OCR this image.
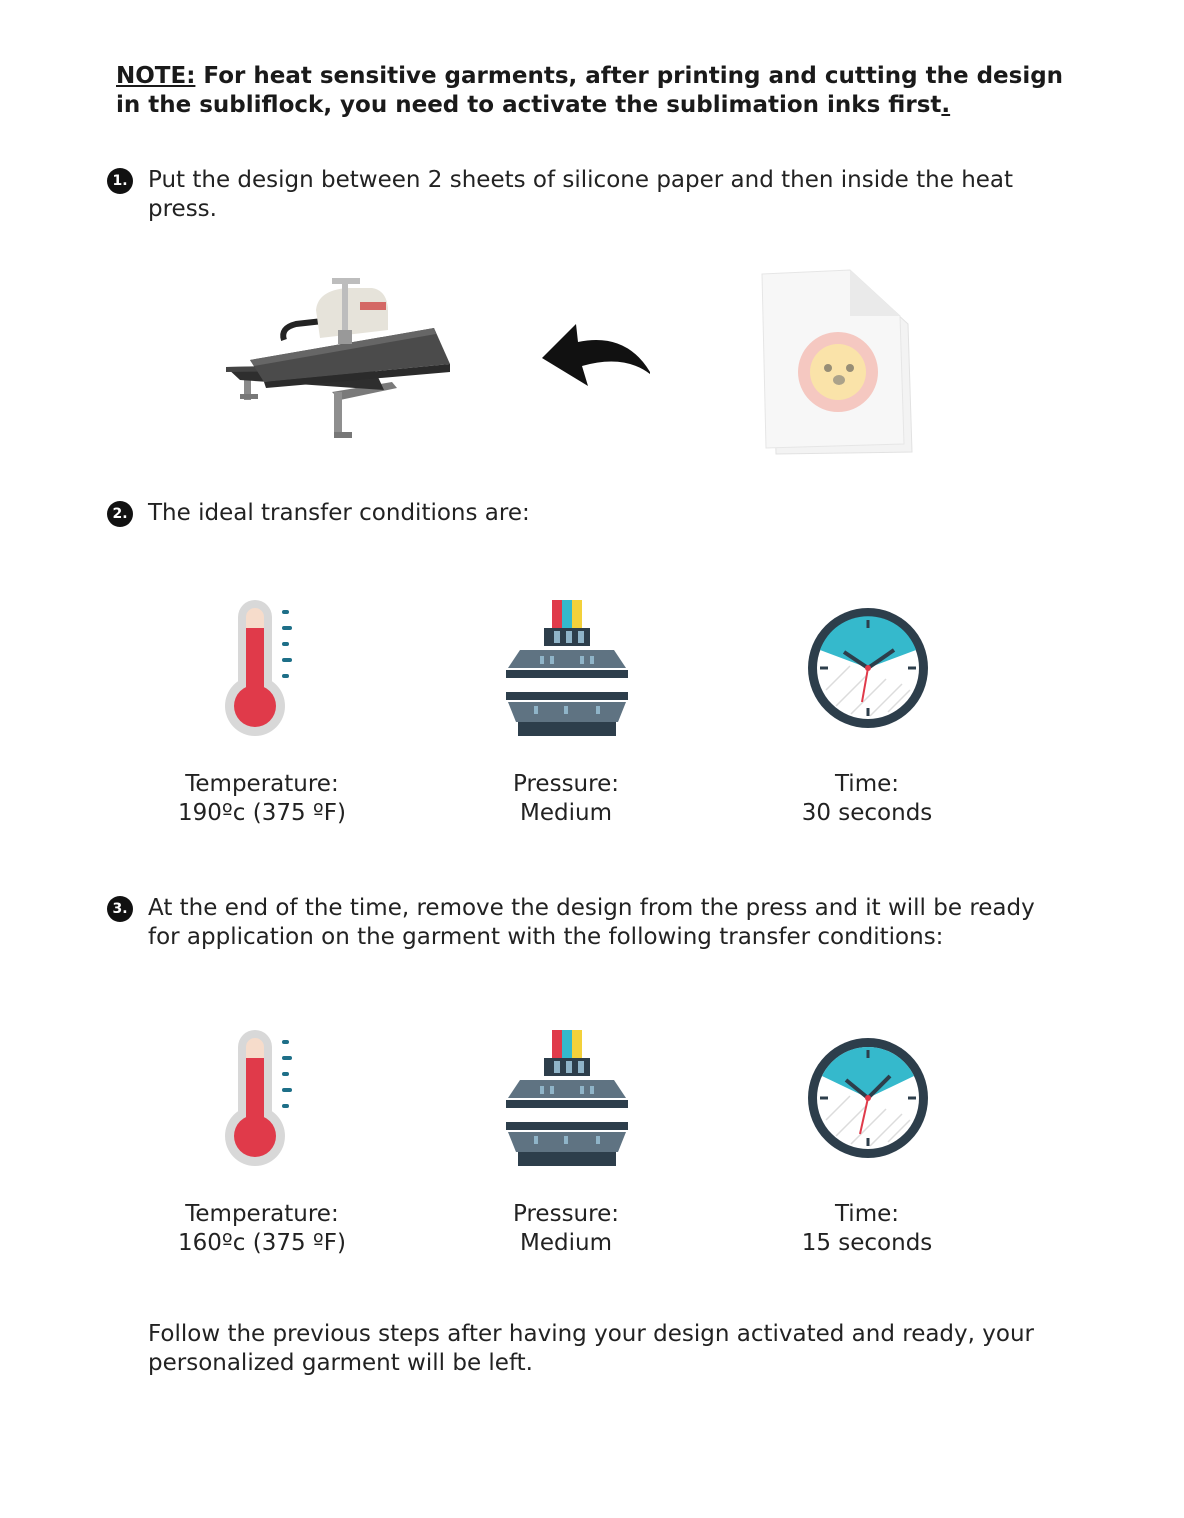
NOTE: For heat sensitive garments, after printing and cutting the design
in the subliflock, you need to activate the sublimation inks first.
1. Put the design between 2 sheets of silicone paper and then inside the heat
press.
2. The ideal transfer conditions are:
Temperature:
190ºc (375 ºF)
Pressure:
Medium
Time:
30 seconds
3. At the end of the time, remove the design from the press and it will be ready
for application on the garment with the following transfer conditions:
Temperature:
160ºc (375 ºF)
Pressure:
Medium
Time:
15 seconds
Follow the previous steps after having your design activated and ready, your
personalized garment will be left.
